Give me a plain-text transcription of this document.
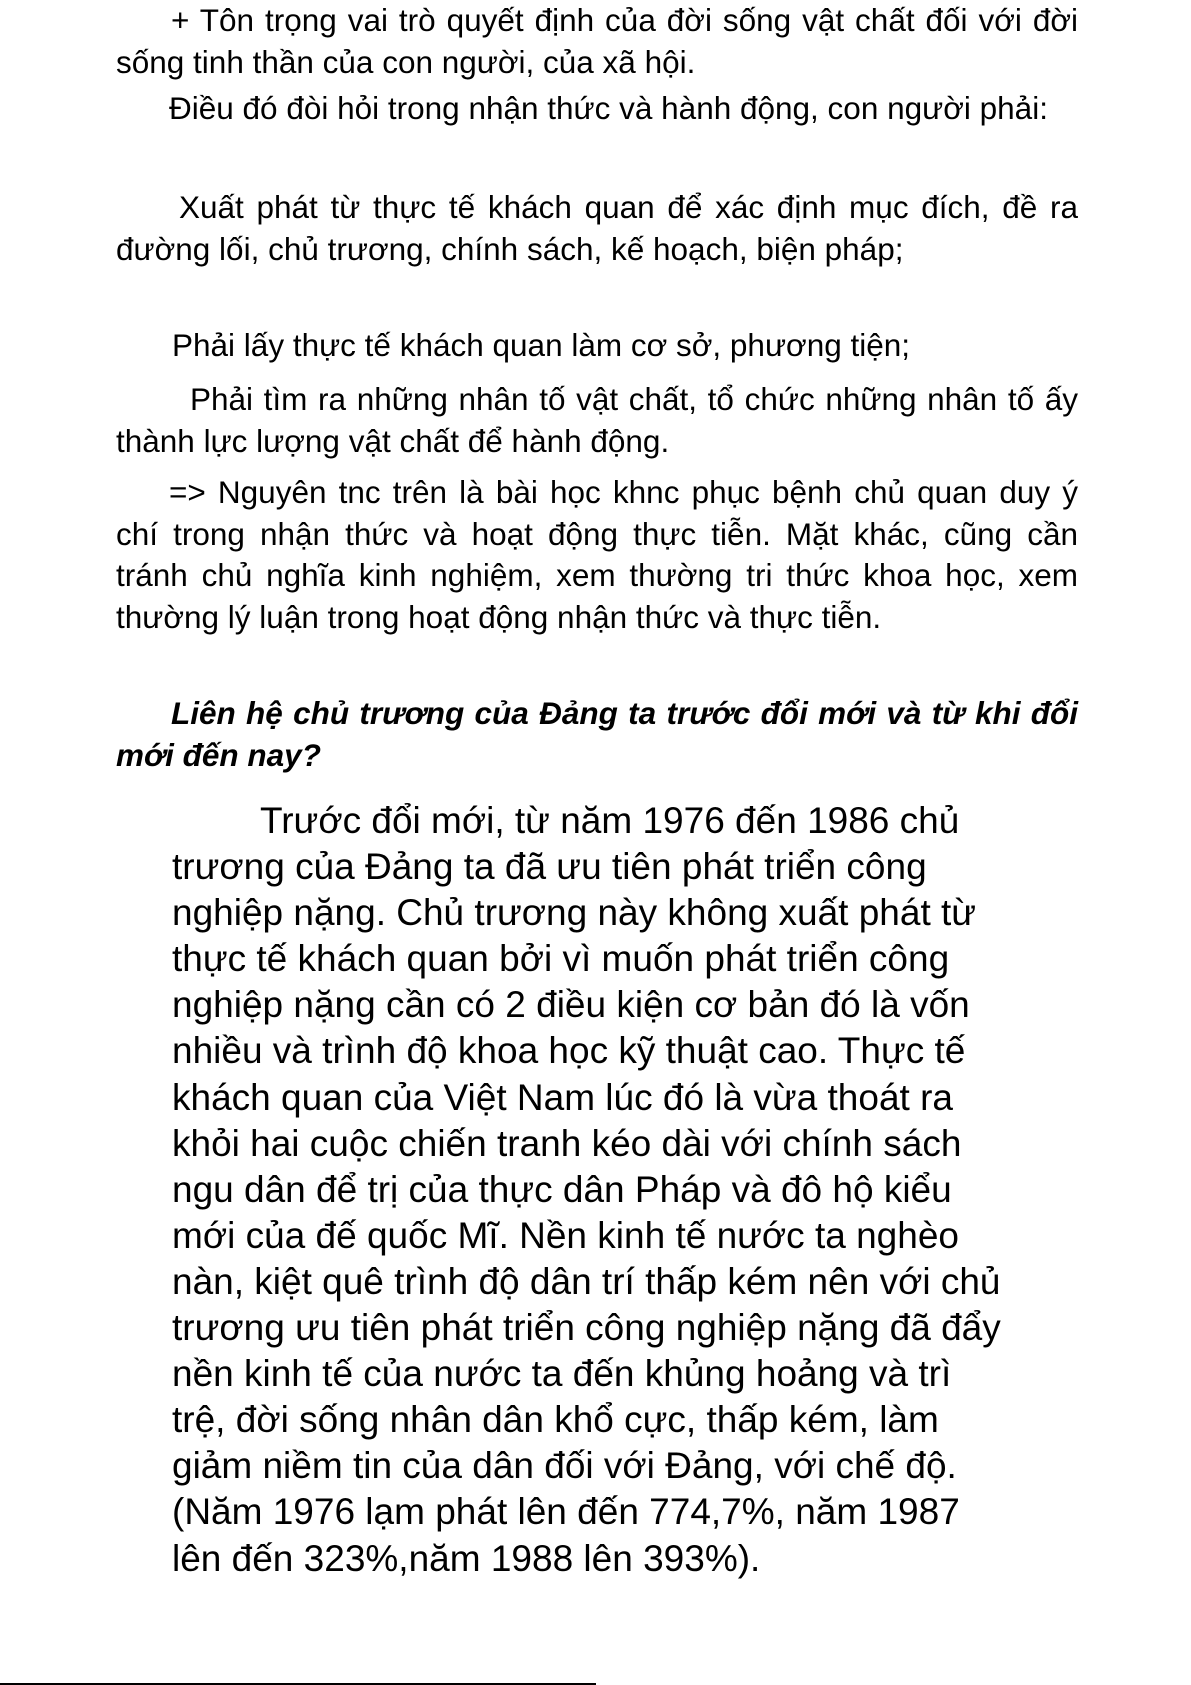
+ Tôn trọng vai trò quyết định của đời sống vật chất đối với đời sống tinh thần của con người, của xã hội.

Điều đó đòi hỏi trong nhận thức và hành động, con người phải:

Xuất phát từ thực tế khách quan để xác định mục đích, đề ra đường lối, chủ trương, chính sách, kế hoạch, biện pháp;

Phải lấy thực tế khách quan làm cơ sở, phương tiện;

Phải tìm ra những nhân tố vật chất, tổ chức những nhân tố ấy thành lực lượng vật chất để hành động.

=> Nguyên tnc trên là bài học khnc phục bệnh chủ quan duy ý chí trong nhận thức và hoạt động thực tiễn. Mặt khác, cũng cần tránh chủ nghĩa kinh nghiệm, xem thường tri thức khoa học, xem thường lý luận trong hoạt động nhận thức và thực tiễn.

Liên hệ chủ trương của Đảng ta trước đổi mới và từ khi đổi mới đến nay?

Trước đổi mới, từ năm 1976 đến 1986 chủ
trương của Đảng ta đã ưu tiên phát triển công
nghiệp nặng. Chủ trương này không xuất phát từ
thực tế khách quan bởi vì muốn phát triển công
nghiệp nặng cần có 2 điều kiện cơ bản đó là vốn
nhiều và trình độ khoa học kỹ thuật cao. Thực tế
khách quan của Việt Nam lúc đó là vừa thoát ra
khỏi hai cuộc chiến tranh kéo dài với chính sách
ngu dân để trị của thực dân Pháp và đô hộ kiểu
mới của đế quốc Mĩ. Nền kinh tế nước ta nghèo
nàn, kiệt quê trình độ dân trí thấp kém nên với chủ
trương ưu tiên phát triển công nghiệp nặng đã đẩy
nền kinh tế của nước ta đến khủng hoảng và trì
trệ, đời sống nhân dân khổ cực, thấp kém, làm
giảm niềm tin của dân đối với Đảng, với chế độ.
(Năm 1976 lạm phát lên đến 774,7%, năm 1987
lên đến 323%,năm 1988 lên 393%).
